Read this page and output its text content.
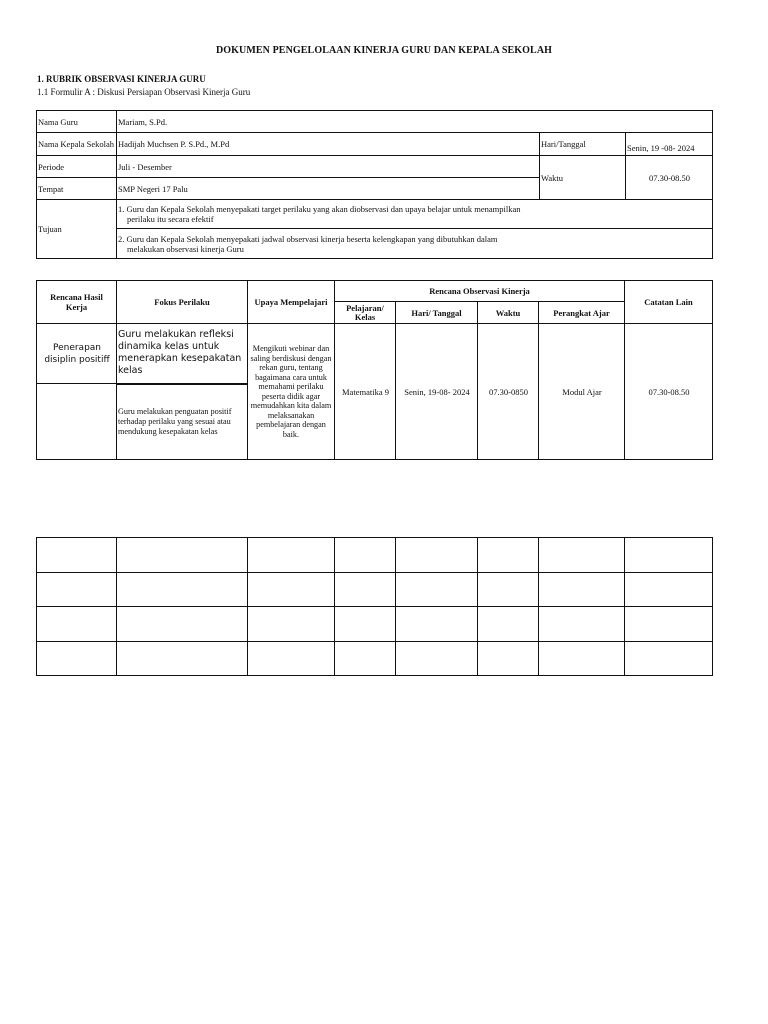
DOKUMEN PENGELOLAAN KINERJA GURU DAN KEPALA SEKOLAH
1. RUBRIK OBSERVASI KINERJA GURU
1.1 Formulir A : Diskusi Persiapan Observasi Kinerja Guru
Nama Guru	Mariam, S.Pd.		
Nama Kepala Sekolah	Hadijah Muchsen P. S.Pd., M.Pd	Hari/Tanggal	Senin, 19 -08- 2024
Periode	Juli - Desember	Waktu	07.30-08.50
Tempat	SMP Negeri 17 Palu		
Tujuan	1. Guru dan Kepala Sekolah menyepakati target perilaku yang akan diobservasi dan upaya belajar untuk menampilkan
perilaku itu secara efektif		

	2. Guru dan Kepala Sekolah menyepakati jadwal observasi kinerja beserta kelengkapan yang dibutuhkan dalam
melakukan observasi kinerja Guru		
Rencana Hasil Kerja	Fokus Perilaku	Upaya Mempelajari	Rencana Observasi Kinerja				Catatan Lain
			Pelajaran/ Kelas	Hari/ Tanggal	Waktu	Perangkat Ajar	
Penerapan disiplin positiff	Guru melakukan refleksi dinamika kelas untuk menerapkan kesepakatan kelas	Mengikuti webinar dan saling berdiskusi dengan rekan guru, tentang bagaimana cara untuk memahami perilaku peserta didik agar memudahkan kita dalam melaksanakan pembelajaran dengan baik.	Matematika 9	Senin, 19-08- 2024	07.30-0850	Modul Ajar	07.30-08.50
	Guru melakukan penguatan positif terhadap perilaku yang sesuai atau mendukung kesepakatan kelas						
